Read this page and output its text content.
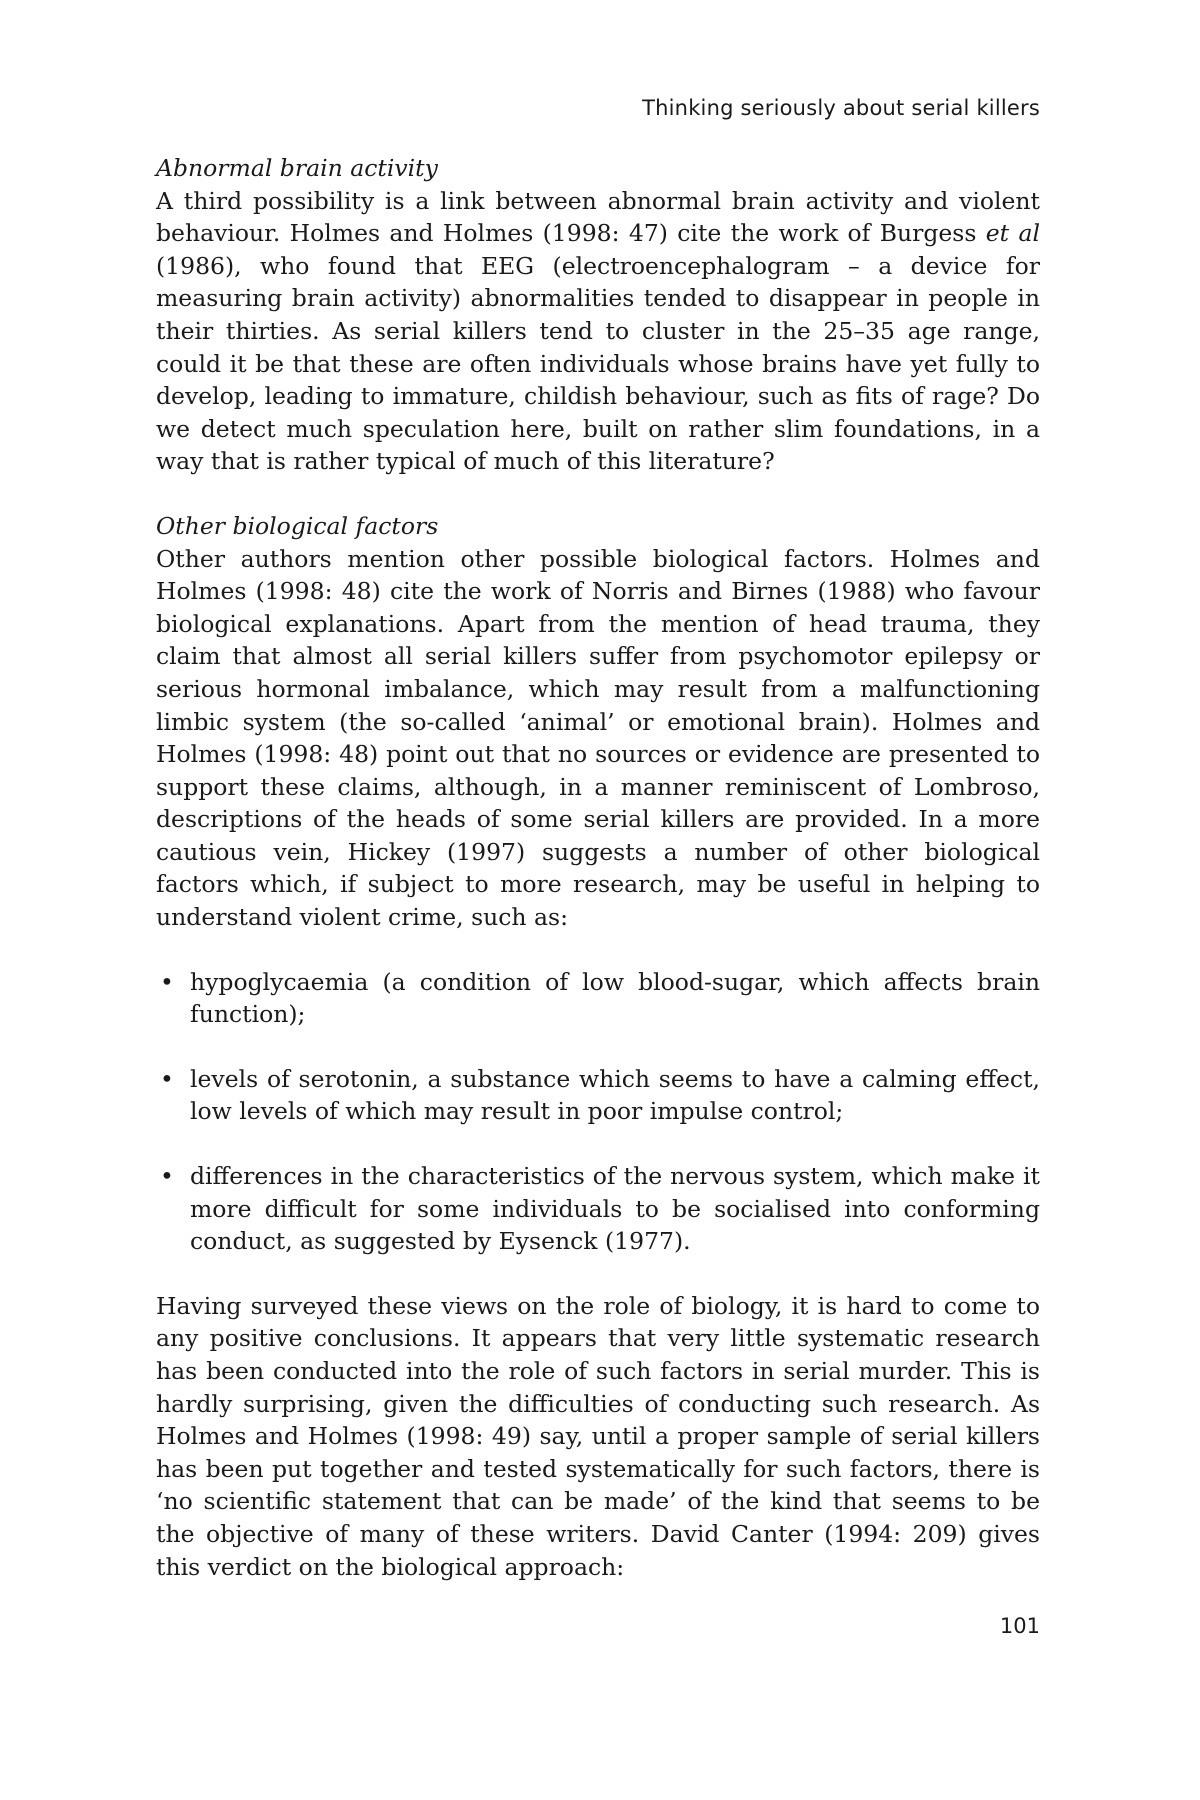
Thinking seriously about serial killers
Abnormal brain activity

A third possibility is a link between abnormal brain activity and violent behaviour. Holmes and Holmes (1998: 47) cite the work of Burgess et al (1986), who found that EEG (electroencephalogram – a device for measuring brain activity) abnormalities tended to disappear in people in their thirties. As serial killers tend to cluster in the 25–35 age range, could it be that these are often individuals whose brains have yet fully to develop, leading to immature, childish behaviour, such as fits of rage? Do we detect much speculation here, built on rather slim foundations, in a way that is rather typical of much of this literature?

Other biological factors

Other authors mention other possible biological factors. Holmes and Holmes (1998: 48) cite the work of Norris and Birnes (1988) who favour biological explanations. Apart from the mention of head trauma, they claim that almost all serial killers suffer from psychomotor epilepsy or serious hormonal imbalance, which may result from a malfunctioning limbic system (the so-called ‘animal’ or emotional brain). Holmes and Holmes (1998: 48) point out that no sources or evidence are presented to support these claims, although, in a manner reminiscent of Lombroso, descriptions of the heads of some serial killers are provided. In a more cautious vein, Hickey (1997) suggests a number of other biological factors which, if subject to more research, may be useful in helping to understand violent crime, such as:

• hypoglycaemia (a condition of low blood-sugar, which affects brain function);
• levels of serotonin, a substance which seems to have a calming effect, low levels of which may result in poor impulse control;
• differences in the characteristics of the nervous system, which make it more difficult for some individuals to be socialised into conforming conduct, as suggested by Eysenck (1977).

Having surveyed these views on the role of biology, it is hard to come to any positive conclusions. It appears that very little systematic research has been conducted into the role of such factors in serial murder. This is hardly surprising, given the difficulties of conducting such research. As Holmes and Holmes (1998: 49) say, until a proper sample of serial killers has been put together and tested systematically for such factors, there is ‘no scientific statement that can be made’ of the kind that seems to be the objective of many of these writers. David Canter (1994: 209) gives this verdict on the biological approach:

101
